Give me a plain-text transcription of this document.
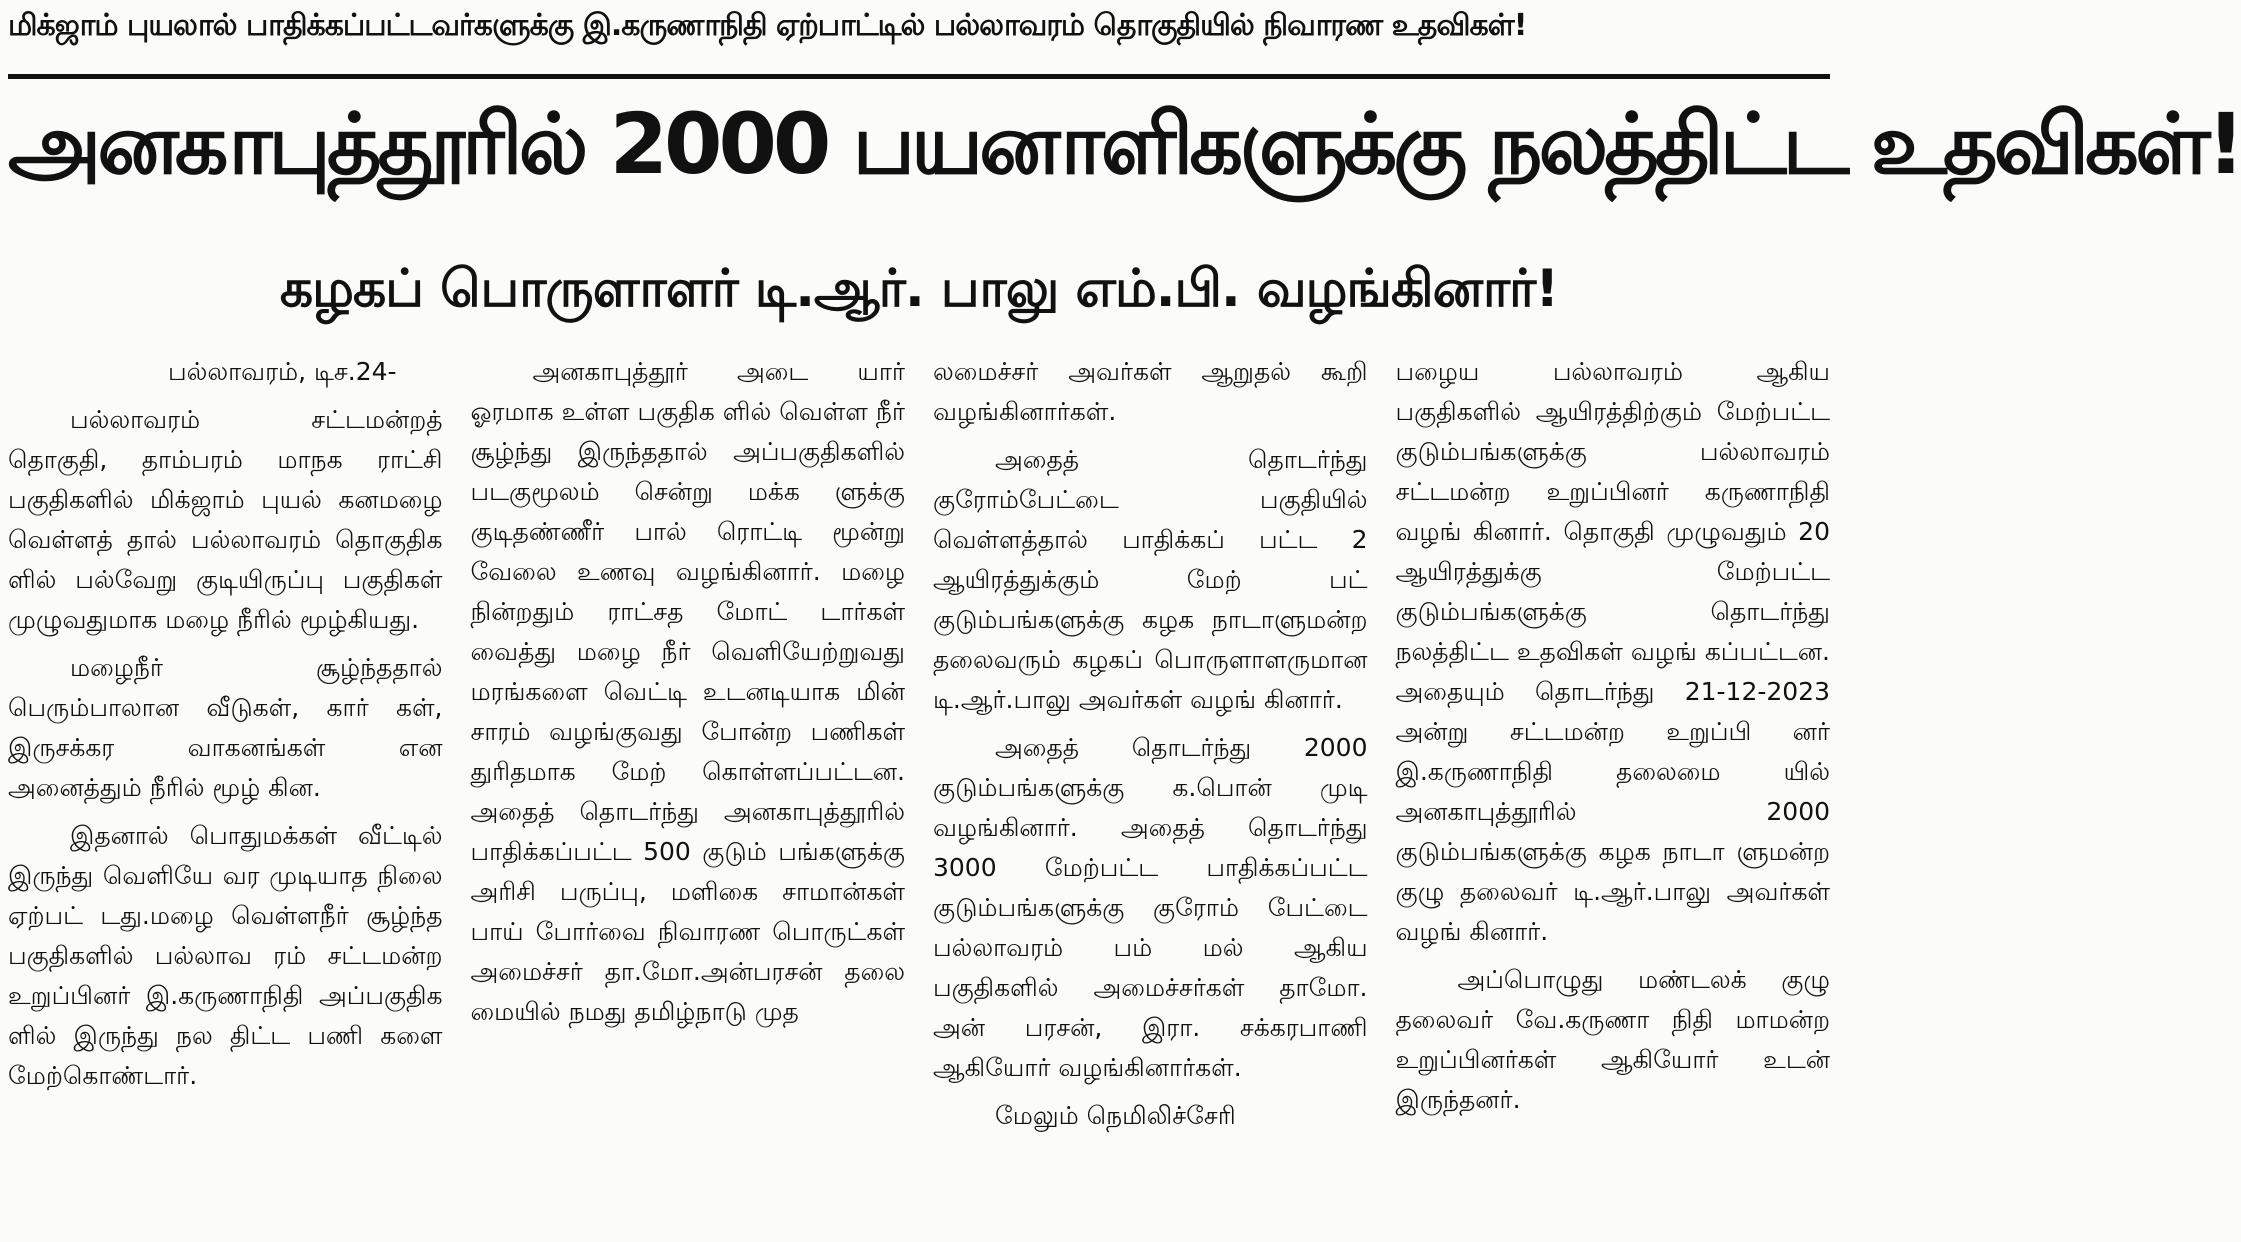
மிக்ஜாம் புயலால் பாதிக்கப்பட்டவர்களுக்கு இ.கருணாநிதி ஏற்பாட்டில் பல்லாவரம் தொகுதியில் நிவாரண உதவிகள்!
அனகாபுத்தூரில் 2000 பயனாளிகளுக்கு நலத்திட்ட உதவிகள்!
கழகப் பொருளாளர் டி.ஆர். பாலு எம்.பி. வழங்கினார்!

பல்லாவரம், டிச.24-

பல்லாவரம் சட்டமன்றத் தொகுதி, தாம்பரம் மாநக ராட்சி பகுதிகளில் மிக்ஜாம் புயல் கனமழை வெள்ளத் தால் பல்லாவரம் தொகுதிக ளில் பல்வேறு குடியிருப்பு பகுதிகள் முழுவதுமாக மழை நீரில் மூழ்கியது.

மழைநீர் சூழ்ந்ததால் பெரும்பாலான வீடுகள், கார் கள், இருசக்கர வாகனங்கள் என அனைத்தும் நீரில் மூழ் கின.

இதனால் பொதுமக்கள் வீட்டில் இருந்து வெளியே வர முடியாத நிலை ஏற்பட் டது.மழை வெள்ளநீர் சூழ்ந்த பகுதிகளில் பல்லாவ ரம் சட்டமன்ற உறுப்பினர் இ.கருணாநிதி அப்பகுதிக ளில் இருந்து நல திட்ட பணி களை மேற்கொண்டார்.

அனகாபுத்தூர் அடை யார் ஓரமாக உள்ள பகுதிக ளில் வெள்ள நீர் சூழ்ந்து இருந்ததால் அப்பகுதிகளில் படகுமூலம் சென்று மக்க ளுக்கு குடிதண்ணீர் பால் ரொட்டி மூன்று வேலை உணவு வழங்கினார். மழை நின்றதும் ராட்சத மோட் டார்கள் வைத்து மழை நீர் வெளியேற்றுவது மரங்களை வெட்டி உடனடியாக மின் சாரம் வழங்குவது போன்ற பணிகள் துரிதமாக மேற் கொள்ளப்பட்டன. அதைத் தொடர்ந்து அனகாபுத்தூரில் பாதிக்கப்பட்ட 500 குடும் பங்களுக்கு அரிசி பருப்பு, மளிகை சாமான்கள் பாய் போர்வை நிவாரண பொருட்கள் அமைச்சர் தா.மோ.அன்பரசன் தலை மையில் நமது தமிழ்நாடு முத

லமைச்சர் அவர்கள் ஆறுதல் கூறி வழங்கினார்கள்.

அதைத் தொடர்ந்து குரோம்பேட்டை பகுதியில் வெள்ளத்தால் பாதிக்கப் பட்ட 2 ஆயிரத்துக்கும் மேற் பட் குடும்பங்களுக்கு கழக நாடாளுமன்ற தலைவரும் கழகப் பொருளாளருமான டி.ஆர்.பாலு அவர்கள் வழங் கினார்.

அதைத் தொடர்ந்து 2000 குடும்பங்களுக்கு க.பொன் முடி வழங்கினார். அதைத் தொடர்ந்து 3000 மேற்பட்ட பாதிக்கப்பட்ட குடும்பங்களுக்கு குரோம் பேட்டை பல்லாவரம் பம் மல் ஆகிய பகுதிகளில் அமைச்சர்கள் தாமோ. அன் பரசன், இரா. சக்கரபாணி ஆகியோர் வழங்கினார்கள்.

மேலும் நெமிலிச்சேரி

பழைய பல்லாவரம் ஆகிய பகுதிகளில் ஆயிரத்திற்கும் மேற்பட்ட குடும்பங்களுக்கு பல்லாவரம் சட்டமன்ற உறுப்பினர் கருணாநிதி வழங் கினார். தொகுதி முழுவதும் 20 ஆயிரத்துக்கு மேற்பட்ட குடும்பங்களுக்கு தொடர்ந்து நலத்திட்ட உதவிகள் வழங் கப்பட்டன. அதையும் தொடர்ந்து 21-12-2023 அன்று சட்டமன்ற உறுப்பி னர் இ.கருணாநிதி தலைமை யில் அனகாபுத்தூரில் 2000 குடும்பங்களுக்கு கழக நாடா ளுமன்ற குழு தலைவர் டி.ஆர்.பாலு அவர்கள் வழங் கினார்.

அப்பொழுது மண்டலக் குழு தலைவர் வே.கருணா நிதி மாமன்ற உறுப்பினர்கள் ஆகியோர் உடன் இருந்தனர்.
